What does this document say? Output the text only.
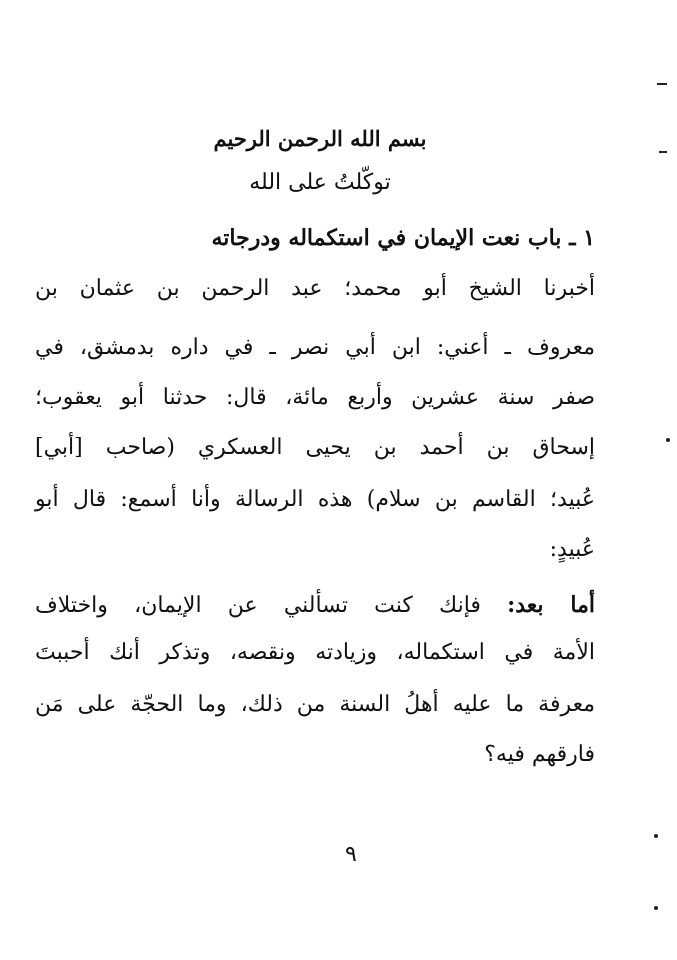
بسم الله الرحمن الرحيم
توكّلتُ على الله
١ ـ باب نعت الإيمان في استكماله ودرجاته
أخبرنا الشيخ أبو محمد؛ عبد الرحمن بن عثمان بن
معروف ـ أعني: ابن أبي نصر ـ في داره بدمشق، في
صفر سنة عشرين وأربع مائة، قال: حدثنا أبو يعقوب؛
إسحاق بن أحمد بن يحيى العسكري (صاحب [أبي]
عُبيد؛ القاسم بن سلام) هذه الرسالة وأنا أسمع: قال أبو
عُبيدٍ:
أما بعد: فإنك كنت تسألني عن الإيمان، واختلاف
الأمة في استكماله، وزيادته ونقصه، وتذكر أنك أحببتَ
معرفة ما عليه أهلُ السنة من ذلك، وما الحجّة على مَن
فارقهم فيه؟
٩
